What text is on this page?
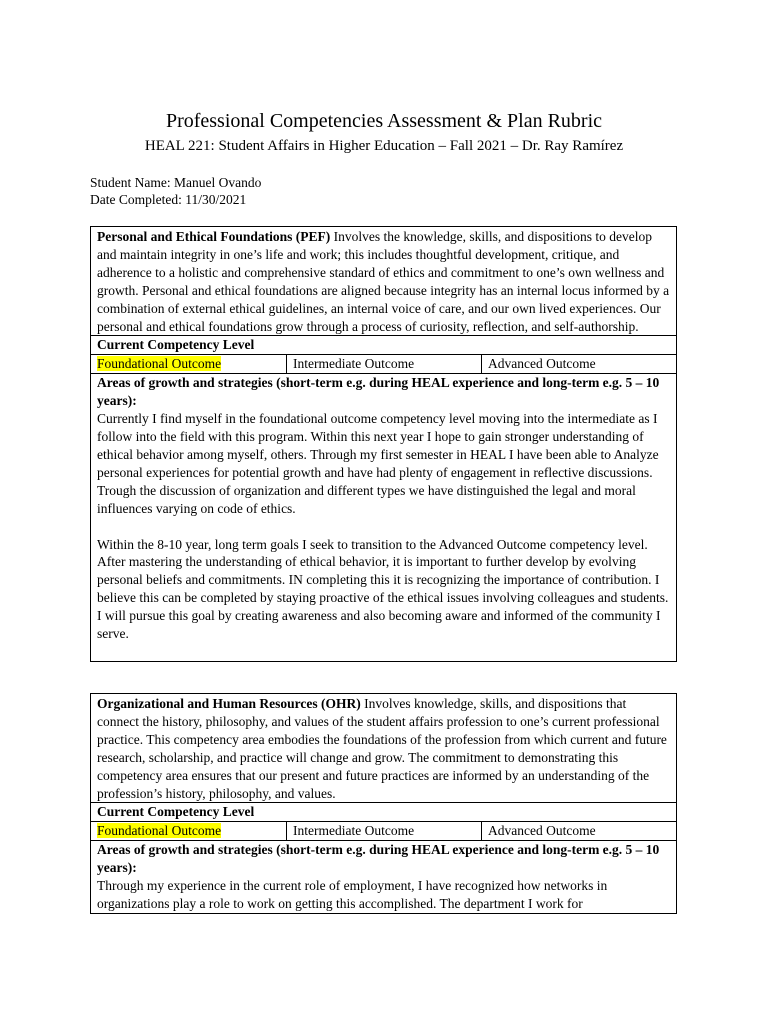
Professional Competencies Assessment & Plan Rubric
HEAL 221: Student Affairs in Higher Education – Fall 2021 – Dr. Ray Ramírez
Student Name: Manuel Ovando
Date Completed: 11/30/2021
Personal and Ethical Foundations (PEF) Involves the knowledge, skills, and dispositions to develop and maintain integrity in one’s life and work; this includes thoughtful development, critique, and adherence to a holistic and comprehensive standard of ethics and commitment to one’s own wellness and growth. Personal and ethical foundations are aligned because integrity has an internal locus informed by a combination of external ethical guidelines, an internal voice of care, and our own lived experiences. Our personal and ethical foundations grow through a process of curiosity, reflection, and self-authorship.
Current Competency Level
Foundational Outcome	Intermediate Outcome	Advanced Outcome
Areas of growth and strategies (short-term e.g. during HEAL experience and long-term e.g. 5 – 10 years):

Currently I find myself in the foundational outcome competency level moving into the intermediate as I follow into the field with this program. Within this next year I hope to gain stronger understanding of ethical behavior among myself, others. Through my first semester in HEAL I have been able to Analyze personal experiences for potential growth and have had plenty of engagement in reflective discussions. Trough the discussion of organization and different types we have distinguished the legal and moral influences varying on code of ethics.

Within the 8-10 year, long term goals I seek to transition to the Advanced Outcome competency level. After mastering the understanding of ethical behavior, it is important to further develop by evolving personal beliefs and commitments. IN completing this it is recognizing the importance of contribution. I believe this can be completed by staying proactive of the ethical issues involving colleagues and students. I will pursue this goal by creating awareness and also becoming aware and informed of the community I serve.

Organizational and Human Resources (OHR) Involves knowledge, skills, and dispositions that connect the history, philosophy, and values of the student affairs profession to one’s current professional practice. This competency area embodies the foundations of the profession from which current and future research, scholarship, and practice will change and grow. The commitment to demonstrating this competency area ensures that our present and future practices are informed by an understanding of the profession’s history, philosophy, and values.
Current Competency Level
Foundational Outcome	Intermediate Outcome	Advanced Outcome
Areas of growth and strategies (short-term e.g. during HEAL experience and long-term e.g. 5 – 10 years):

Through my experience in the current role of employment, I have recognized how networks in organizations play a role to work on getting this accomplished. The department I work for
